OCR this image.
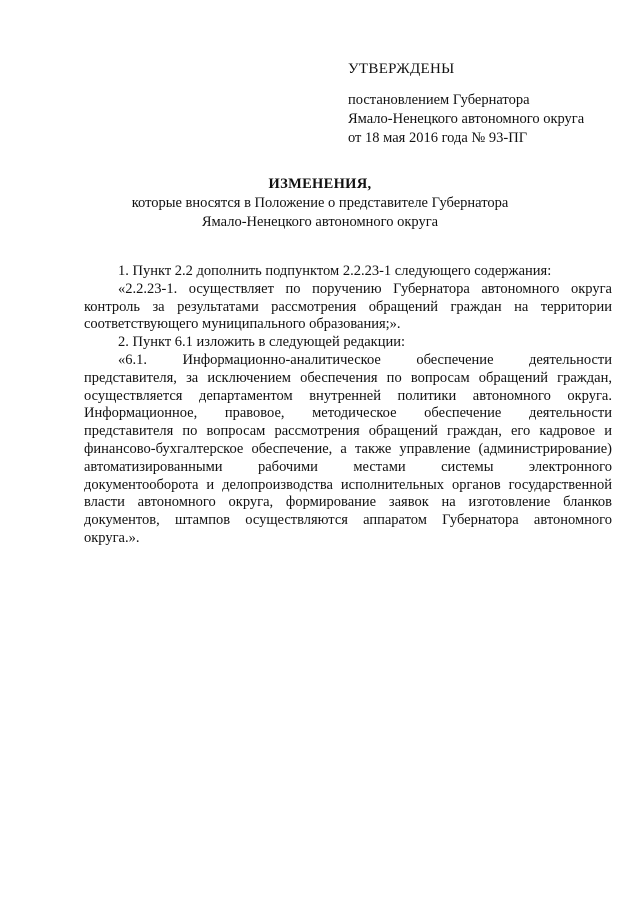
УТВЕРЖДЕНЫ
постановлением Губернатора
Ямало-Ненецкого автономного округа
от 18 мая 2016 года № 93-ПГ
ИЗМЕНЕНИЯ,
которые вносятся в Положение о представителе Губернатора
Ямало-Ненецкого автономного округа
1. Пункт 2.2 дополнить подпунктом 2.2.23-1 следующего содержания:
«2.2.23-1. осуществляет по поручению Губернатора автономного округа
контроль за результатами рассмотрения обращений граждан на территории
соответствующего муниципального образования;».
2. Пункт 6.1 изложить в следующей редакции:
«6.1. Информационно-аналитическое обеспечение деятельности
представителя, за исключением обеспечения по вопросам обращений граждан,
осуществляется департаментом внутренней политики автономного округа.
Информационное, правовое, методическое обеспечение деятельности
представителя по вопросам рассмотрения обращений граждан, его кадровое и
финансово-бухгалтерское обеспечение, а также управление (администрирование)
автоматизированными рабочими местами системы электронного
документооборота и делопроизводства исполнительных органов государственной
власти автономного округа, формирование заявок на изготовление бланков
документов, штампов осуществляются аппаратом Губернатора автономного
округа.».
